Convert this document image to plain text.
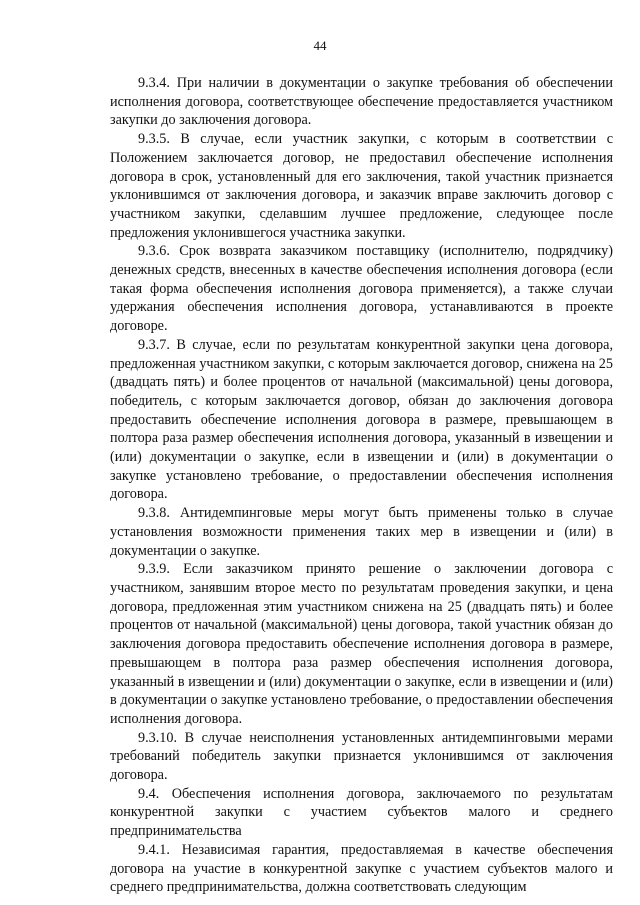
44

9.3.4. При наличии в документации о закупке требования об обеспечении исполнения договора, соответствующее обеспечение предоставляется участником закупки до заключения договора.

9.3.5. В случае, если участник закупки, с которым в соответствии с Положением заключается договор, не предоставил обеспечение исполнения договора в срок, установленный для его заключения, такой участник признается уклонившимся от заключения договора, и заказчик вправе заключить договор с участником закупки, сделавшим лучшее предложение, следующее после предложения уклонившегося участника закупки.

9.3.6. Срок возврата заказчиком поставщику (исполнителю, подрядчику) денежных средств, внесенных в качестве обеспечения исполнения договора (если такая форма обеспечения исполнения договора применяется), а также случаи удержания обеспечения исполнения договора, устанавливаются в проекте договоре.

9.3.7. В случае, если по результатам конкурентной закупки цена договора, предложенная участником закупки, с которым заключается договор, снижена на 25 (двадцать пять) и более процентов от начальной (максимальной) цены договора, победитель, с которым заключается договор, обязан до заключения договора предоставить обеспечение исполнения договора в размере, превышающем в полтора раза размер обеспечения исполнения договора, указанный в извещении и (или) документации о закупке, если в извещении и (или) в документации о закупке установлено требование, о предоставлении обеспечения исполнения договора.

9.3.8. Антидемпинговые меры могут быть применены только в случае установления возможности применения таких мер в извещении и (или) в документации о закупке.

9.3.9. Если заказчиком принято решение о заключении договора с участником, занявшим второе место по результатам проведения закупки, и цена договора, предложенная этим участником снижена на 25 (двадцать пять) и более процентов от начальной (максимальной) цены договора, такой участник обязан до заключения договора предоставить обеспечение исполнения договора в размере, превышающем в полтора раза размер обеспечения исполнения договора, указанный в извещении и (или) документации о закупке, если в извещении и (или) в документации о закупке установлено требование, о предоставлении обеспечения исполнения договора.

9.3.10. В случае неисполнения установленных антидемпинговыми мерами требований победитель закупки признается уклонившимся от заключения договора.

9.4. Обеспечения исполнения договора, заключаемого по результатам конкурентной закупки с участием субъектов малого и среднего предпринимательства

9.4.1. Независимая гарантия, предоставляемая в качестве обеспечения договора на участие в конкурентной закупке с участием субъектов малого и среднего предпринимательства, должна соответствовать следующим
